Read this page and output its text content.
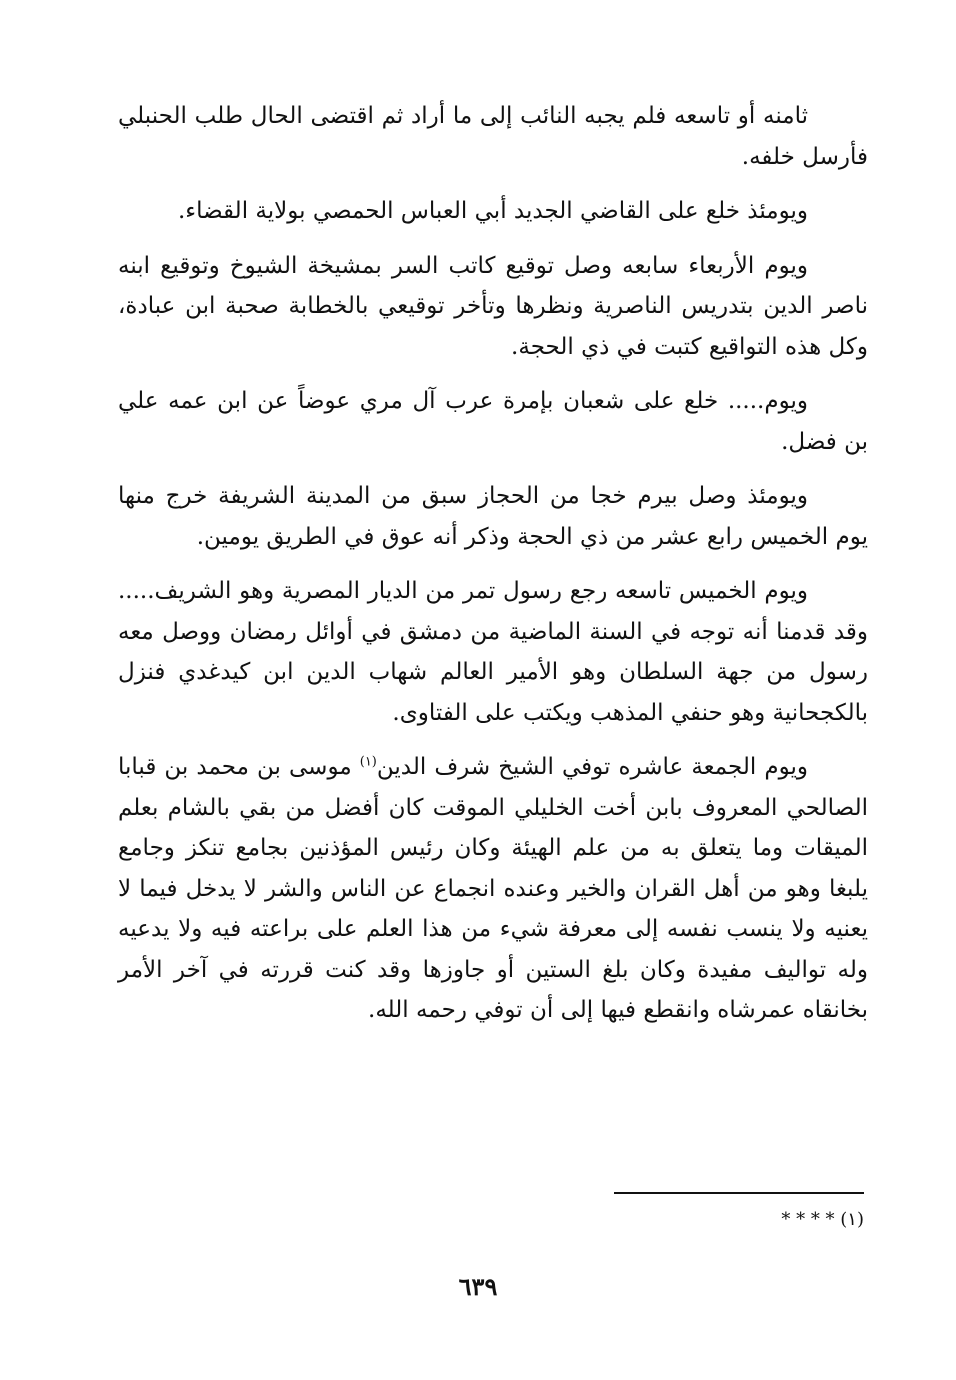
ثامنه أو تاسعه فلم يجبه النائب إلى ما أراد ثم اقتضى الحال طلب الحنبلي فأرسل خلفه.

ويومئذ خلع على القاضي الجديد أبي العباس الحمصي بولاية القضاء.

ويوم الأربعاء سابعه وصل توقيع كاتب السر بمشيخة الشيوخ وتوقيع ابنه ناصر الدين بتدريس الناصرية ونظرها وتأخر توقيعي بالخطابة صحبة ابن عبادة، وكل هذه التواقيع كتبت في ذي الحجة.

ويوم..... خلع على شعبان بإمرة عرب آل مري عوضاً عن ابن عمه علي بن فضل.

ويومئذ وصل بيرم خجا من الحجاز سبق من المدينة الشريفة خرج منها يوم الخميس رابع عشر من ذي الحجة وذكر أنه عوق في الطريق يومين.

ويوم الخميس تاسعه رجع رسول تمر من الديار المصرية وهو الشريف..... وقد قدمنا أنه توجه في السنة الماضية من دمشق في أوائل رمضان ووصل معه رسول من جهة السلطان وهو الأمير العالم شهاب الدين ابن كيدغدي فنزل بالكجحانية وهو حنفي المذهب ويكتب على الفتاوى.

ويوم الجمعة عاشره توفي الشيخ شرف الدين$^{(١)}$ موسى بن محمد بن قبابا الصالحي المعروف بابن أخت الخليلي الموقت كان أفضل من بقي بالشام بعلم الميقات وما يتعلق به من علم الهيئة وكان رئيس المؤذنين بجامع تنكز وجامع يلبغا وهو من أهل القران والخير وعنده انجماع عن الناس والشر لا يدخل فيما لا يعنيه ولا ينسب نفسه إلى معرفة شيء من هذا العلم على براعته فيه ولا يدعيه وله تواليف مفيدة وكان بلغ الستين أو جاوزها وقد كنت قررته في آخر الأمر بخانقاه عمرشاه وانقطع فيها إلى أن توفي رحمه الله.

(١) * * * *
٦٣٩
